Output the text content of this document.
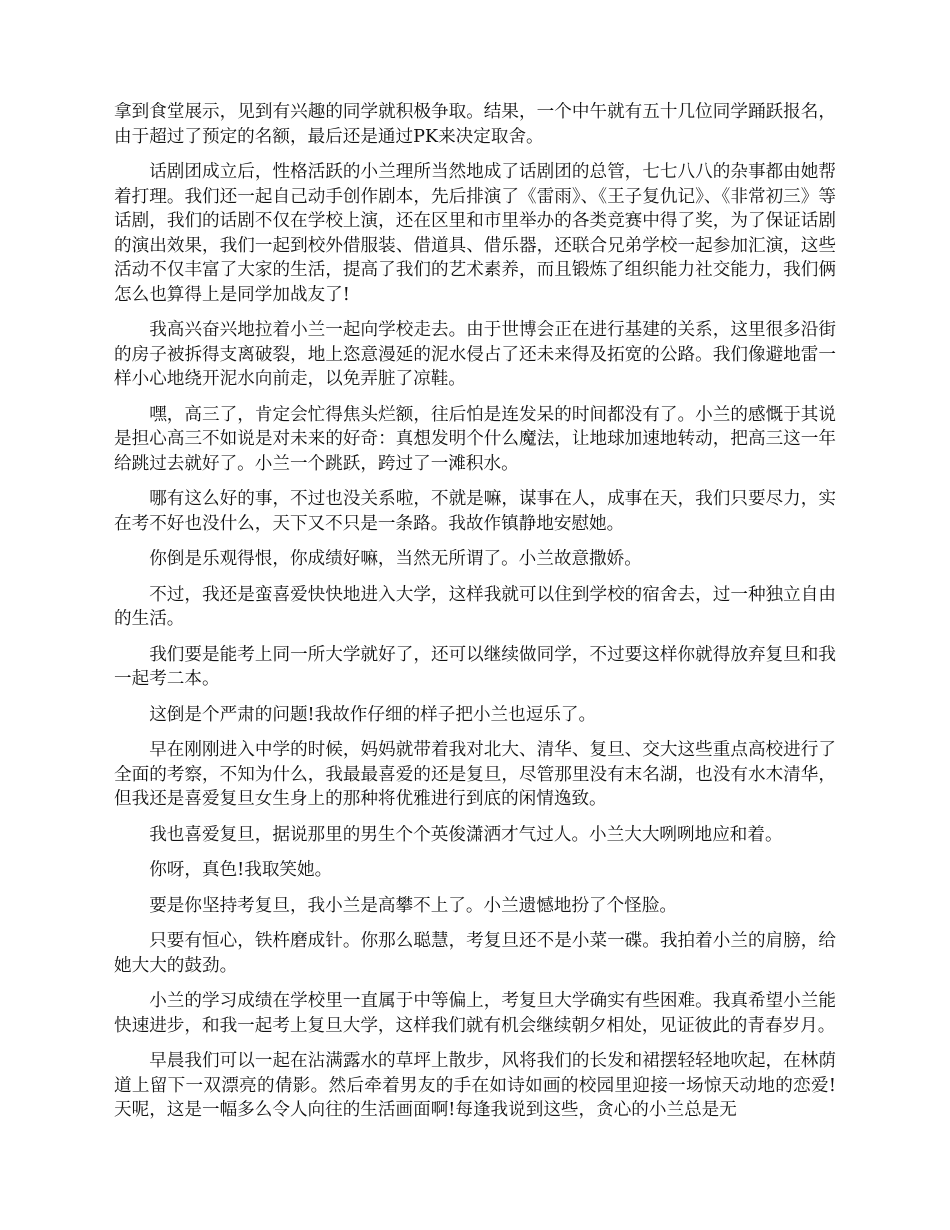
拿到食堂展示，见到有兴趣的同学就积极争取。结果，一个中午就有五十几位同学踊跃报名，由于超过了预定的名额，最后还是通过PK来决定取舍。

话剧团成立后，性格活跃的小兰理所当然地成了话剧团的总管，七七八八的杂事都由她帮着打理。我们还一起自己动手创作剧本，先后排演了《雷雨》、《王子复仇记》、《非常初三》等话剧，我们的话剧不仅在学校上演，还在区里和市里举办的各类竞赛中得了奖，为了保证话剧的演出效果，我们一起到校外借服装、借道具、借乐器，还联合兄弟学校一起参加汇演，这些活动不仅丰富了大家的生活，提高了我们的艺术素养，而且锻炼了组织能力社交能力，我们俩怎么也算得上是同学加战友了!

我高兴奋兴地拉着小兰一起向学校走去。由于世博会正在进行基建的关系，这里很多沿街的房子被拆得支离破裂，地上恣意漫延的泥水侵占了还未来得及拓宽的公路。我们像避地雷一样小心地绕开泥水向前走，以免弄脏了凉鞋。

嘿，高三了，肯定会忙得焦头烂额，往后怕是连发呆的时间都没有了。小兰的感慨于其说是担心高三不如说是对未来的好奇：真想发明个什么魔法，让地球加速地转动，把高三这一年给跳过去就好了。小兰一个跳跃，跨过了一滩积水。

哪有这么好的事，不过也没关系啦，不就是嘛，谋事在人，成事在天，我们只要尽力，实在考不好也没什么，天下又不只是一条路。我故作镇静地安慰她。

你倒是乐观得恨，你成绩好嘛，当然无所谓了。小兰故意撒娇。

不过，我还是蛮喜爱快快地进入大学，这样我就可以住到学校的宿舍去，过一种独立自由的生活。

我们要是能考上同一所大学就好了，还可以继续做同学，不过要这样你就得放弃复旦和我一起考二本。

这倒是个严肃的问题!我故作仔细的样子把小兰也逗乐了。

早在刚刚进入中学的时候，妈妈就带着我对北大、清华、复旦、交大这些重点高校进行了全面的考察，不知为什么，我最最喜爱的还是复旦，尽管那里没有末名湖，也没有水木清华，但我还是喜爱复旦女生身上的那种将优雅进行到底的闲情逸致。

我也喜爱复旦，据说那里的男生个个英俊潇洒才气过人。小兰大大咧咧地应和着。

你呀，真色!我取笑她。

要是你坚持考复旦，我小兰是高攀不上了。小兰遗憾地扮了个怪脸。

只要有恒心，铁杵磨成针。你那么聪慧，考复旦还不是小菜一碟。我拍着小兰的肩膀，给她大大的鼓劲。

小兰的学习成绩在学校里一直属于中等偏上，考复旦大学确实有些困难。我真希望小兰能快速进步，和我一起考上复旦大学，这样我们就有机会继续朝夕相处，见证彼此的青春岁月。

早晨我们可以一起在沾满露水的草坪上散步，风将我们的长发和裙摆轻轻地吹起，在林荫道上留下一双漂亮的倩影。然后牵着男友的手在如诗如画的校园里迎接一场惊天动地的恋爱!天呢，这是一幅多么令人向往的生活画面啊!每逢我说到这些，贪心的小兰总是无
